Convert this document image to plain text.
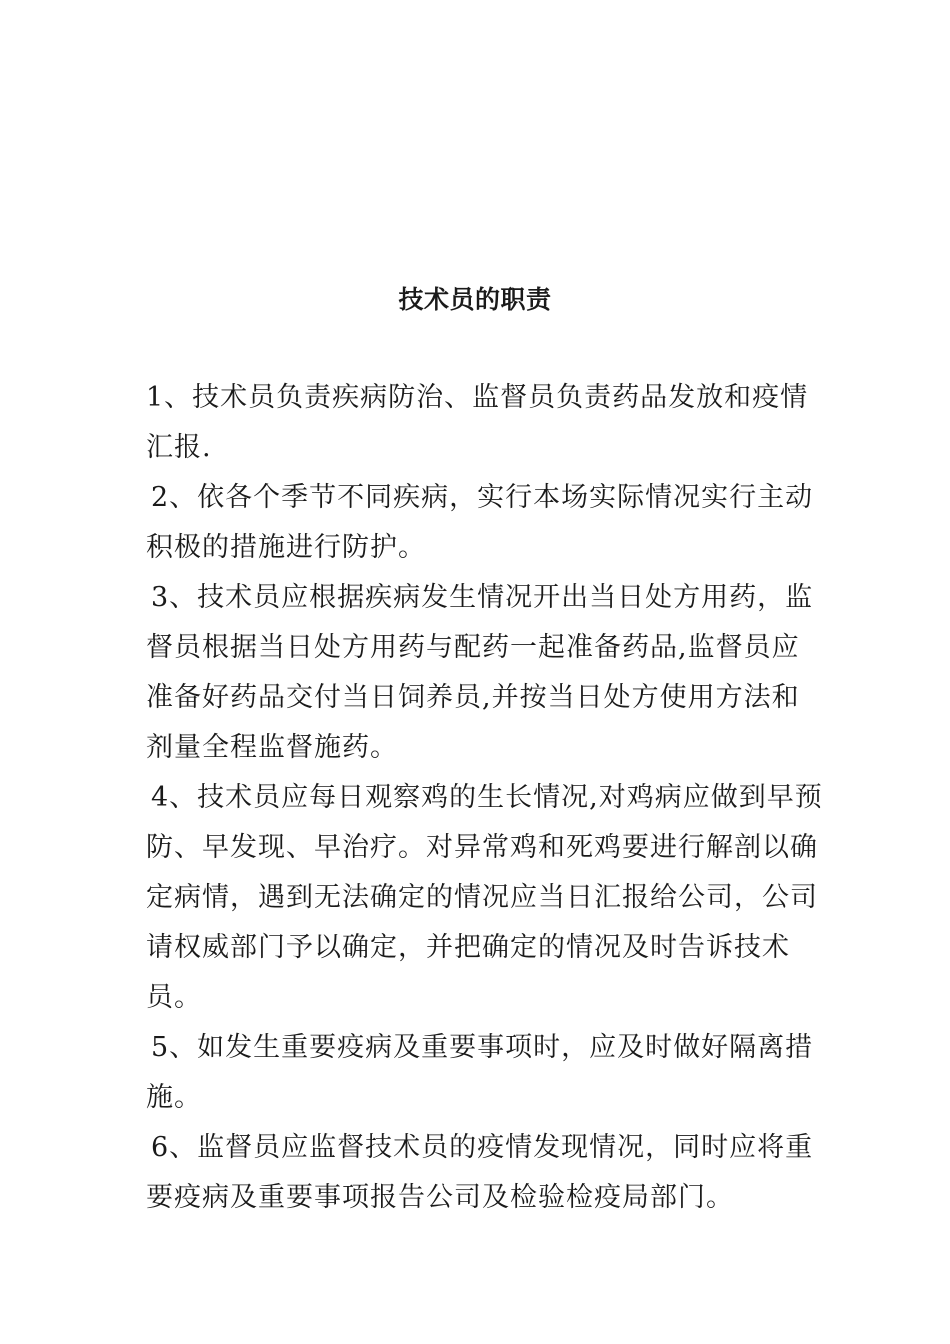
技术员的职责

1、技术员负责疾病防治、监督员负责药品发放和疫情汇报.

2、依各个季节不同疾病，实行本场实际情况实行主动积极的措施进行防护。

3、技术员应根据疾病发生情况开出当日处方用药，监督员根据当日处方用药与配药一起准备药品,监督员应准备好药品交付当日饲养员,并按当日处方使用方法和剂量全程监督施药。

4、技术员应每日观察鸡的生长情况,对鸡病应做到早预防、早发现、早治疗。对异常鸡和死鸡要进行解剖以确定病情，遇到无法确定的情况应当日汇报给公司，公司请权威部门予以确定，并把确定的情况及时告诉技术员。

5、如发生重要疫病及重要事项时，应及时做好隔离措施。

6、监督员应监督技术员的疫情发现情况，同时应将重要疫病及重要事项报告公司及检验检疫局部门。
